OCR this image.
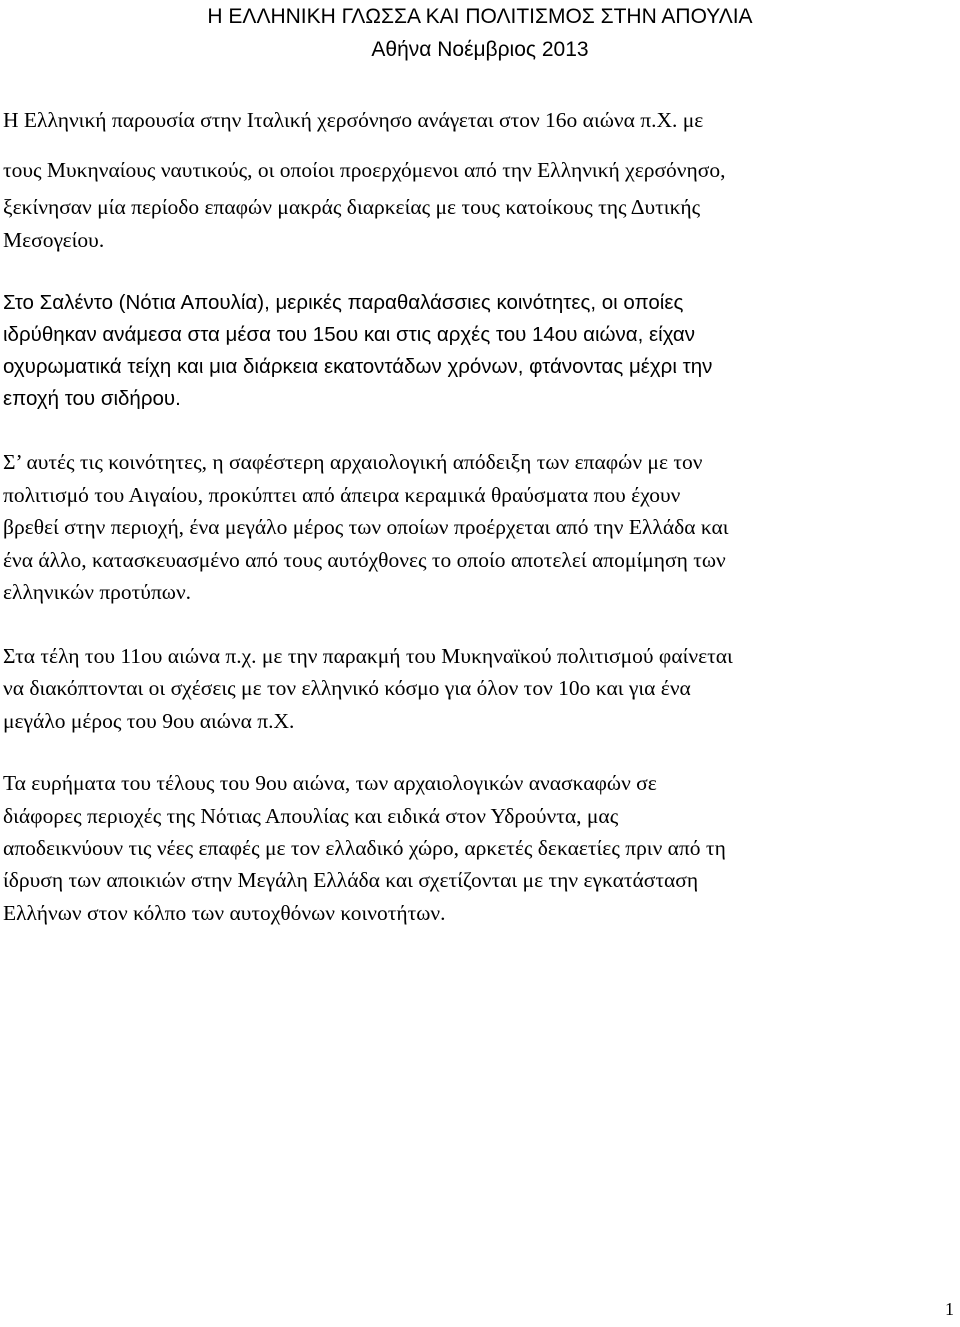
Η ΕΛΛΗΝΙΚΗ ΓΛΩΣΣΑ ΚΑΙ ΠΟΛΙΤΙΣΜΟΣ ΣΤΗΝ ΑΠΟΥΛΙΑ
Αθήνα Νοέμβριος 2013
Η Ελληνική παρουσία στην Ιταλική χερσόνησο ανάγεται στον 16ο αιώνα π.Χ. με
τους Μυκηναίους ναυτικούς, οι οποίοι προερχόμενοι από την Ελληνική χερσόνησο,
ξεκίνησαν μία περίοδο επαφών μακράς διαρκείας με τους κατοίκους της Δυτικής
Μεσογείου.
Στο Σαλέντο (Νότια Απουλία), μερικές παραθαλάσσιες κοινότητες, οι οποίες
ιδρύθηκαν ανάμεσα στα μέσα του 15ου και στις αρχές του 14ου αιώνα, είχαν
οχυρωματικά τείχη και μια διάρκεια εκατοντάδων χρόνων, φτάνοντας μέχρι την
εποχή του σιδήρου.
Σ’ αυτές τις κοινότητες, η σαφέστερη αρχαιολογική απόδειξη των επαφών με τον
πολιτισμό του Αιγαίου, προκύπτει από άπειρα κεραμικά θραύσματα που έχουν
βρεθεί στην περιοχή, ένα μεγάλο μέρος των οποίων προέρχεται από την Ελλάδα και
ένα άλλο, κατασκευασμένο από τους αυτόχθονες το οποίο αποτελεί απομίμηση των
ελληνικών προτύπων.
Στα τέλη του 11ου αιώνα π.χ. με την παρακμή του Μυκηναϊκού πολιτισμού φαίνεται
να διακόπτονται οι σχέσεις με τον ελληνικό κόσμο για όλον τον 10ο και για ένα
μεγάλο μέρος του 9ου αιώνα π.Χ.
Τα ευρήματα του τέλους του 9ου αιώνα, των αρχαιολογικών ανασκαφών σε
διάφορες περιοχές της Νότιας Απουλίας και ειδικά στον Υδρούντα, μας
αποδεικνύουν τις νέες επαφές με τον ελλαδικό χώρο, αρκετές δεκαετίες πριν από τη
ίδρυση των αποικιών στην Μεγάλη Ελλάδα και σχετίζονται με την εγκατάσταση
Ελλήνων στον κόλπο των αυτοχθόνων κοινοτήτων.
1
